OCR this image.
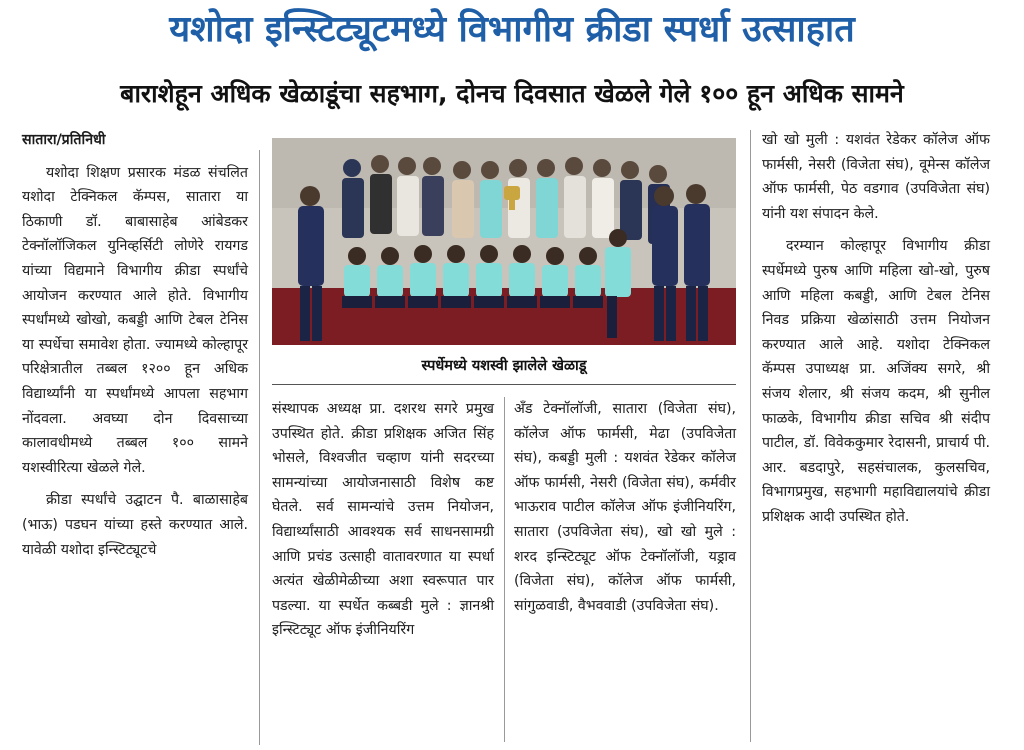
यशोदा इन्स्टिट्यूटमध्ये विभागीय क्रीडा स्पर्धा उत्साहात
बाराशेहून अधिक खेळाडूंचा सहभाग, दोनच दिवसात खेळले गेले १०० हून अधिक सामने

सातारा/प्रतिनिधी

यशोदा शिक्षण प्रसारक मंडळ संचलित यशोदा टेक्निकल कॅम्पस, सातारा या ठिकाणी डॉ. बाबासाहेब आंबेडकर टेक्नॉलॉजिकल युनिव्हर्सिटी लोणेरे रायगड यांच्या विद्यमाने विभागीय क्रीडा स्पर्धांचे आयोजन करण्यात आले होते. विभागीय स्पर्धांमध्ये खोखो, कबड्डी आणि टेबल टेनिस या स्पर्धेचा समावेश होता. ज्यामध्ये कोल्हापूर परिक्षेत्रातील तब्बल १२०० हून अधिक विद्यार्थ्यांनी या स्पर्धांमध्ये आपला सहभाग नोंदवला. अवघ्या दोन दिवसाच्या कालावधीमध्ये तब्बल १०० सामने यशस्वीरित्या खेळले गेले.

क्रीडा स्पर्धांचे उद्घाटन पै. बाळासाहेब (भाऊ) पडघन यांच्या हस्ते करण्यात आले. यावेळी यशोदा इन्स्टिट्यूटचे

स्पर्धेमध्ये यशस्वी झालेले खेळाडू

संस्थापक अध्यक्ष प्रा. दशरथ सगरे प्रमुख उपस्थित होते. क्रीडा प्रशिक्षक अजित सिंह भोसले, विश्वजीत चव्हाण यांनी सदरच्या सामन्यांच्या आयोजनासाठी विशेष कष्ट घेतले. सर्व सामन्यांचे उत्तम नियोजन, विद्यार्थ्यांसाठी आवश्यक सर्व साधनसामग्री आणि प्रचंड उत्साही वातावरणात या स्पर्धा अत्यंत खेळीमेळीच्या अशा स्वरूपात पार पडल्या. या स्पर्धेत कब्बडी मुले : ज्ञानश्री इन्स्टिट्यूट ऑफ इंजीनियरिंग

अँड टेक्नॉलॉजी, सातारा (विजेता संघ), कॉलेज ऑफ फार्मसी, मेढा (उपविजेता संघ), कबड्डी मुली : यशवंत रेडेकर कॉलेज ऑफ फार्मसी, नेसरी (विजेता संघ), कर्मवीर भाऊराव पाटील कॉलेज ऑफ इंजीनियरिंग, सातारा (उपविजेता संघ), खो खो मुले : शरद इन्स्टिट्यूट ऑफ टेक्नॉलॉजी, यड्राव (विजेता संघ), कॉलेज ऑफ फार्मसी, सांगुळवाडी, वैभववाडी (उपविजेता संघ).

खो खो मुली : यशवंत रेडेकर कॉलेज ऑफ फार्मसी, नेसरी (विजेता संघ), वूमेन्स कॉलेज ऑफ फार्मसी, पेठ वडगाव (उपविजेता संघ) यांनी यश संपादन केले.

दरम्यान कोल्हापूर विभागीय क्रीडा स्पर्धेमध्ये पुरुष आणि महिला खो-खो, पुरुष आणि महिला कबड्डी, आणि टेबल टेनिस निवड प्रक्रिया खेळांसाठी उत्तम नियोजन करण्यात आले आहे. यशोदा टेक्निकल कॅम्पस उपाध्यक्ष प्रा. अजिंक्य सगरे, श्री संजय शेलार, श्री संजय कदम, श्री सुनील फाळके, विभागीय क्रीडा सचिव श्री संदीप पाटील, डॉ. विवेककुमार रेदासनी, प्राचार्य पी. आर. बडदापुरे, सहसंचालक, कुलसचिव, विभागप्रमुख, सहभागी महाविद्यालयांचे क्रीडा प्रशिक्षक आदी उपस्थित होते.
